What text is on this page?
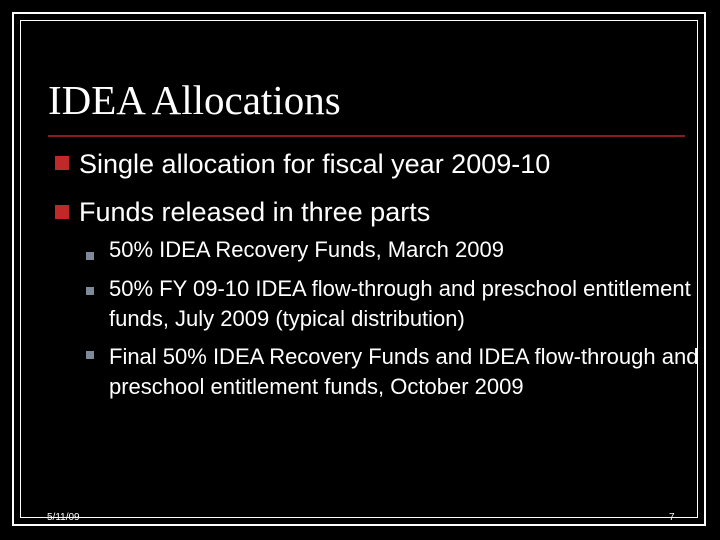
IDEA Allocations
Single allocation for fiscal year 2009-10
Funds released in three parts
50% IDEA Recovery Funds, March 2009
50% FY 09-10 IDEA flow-through and preschool entitlement funds, July 2009 (typical distribution)
Final 50% IDEA Recovery Funds and IDEA flow-through and preschool entitlement funds, October 2009
5/11/09	7
